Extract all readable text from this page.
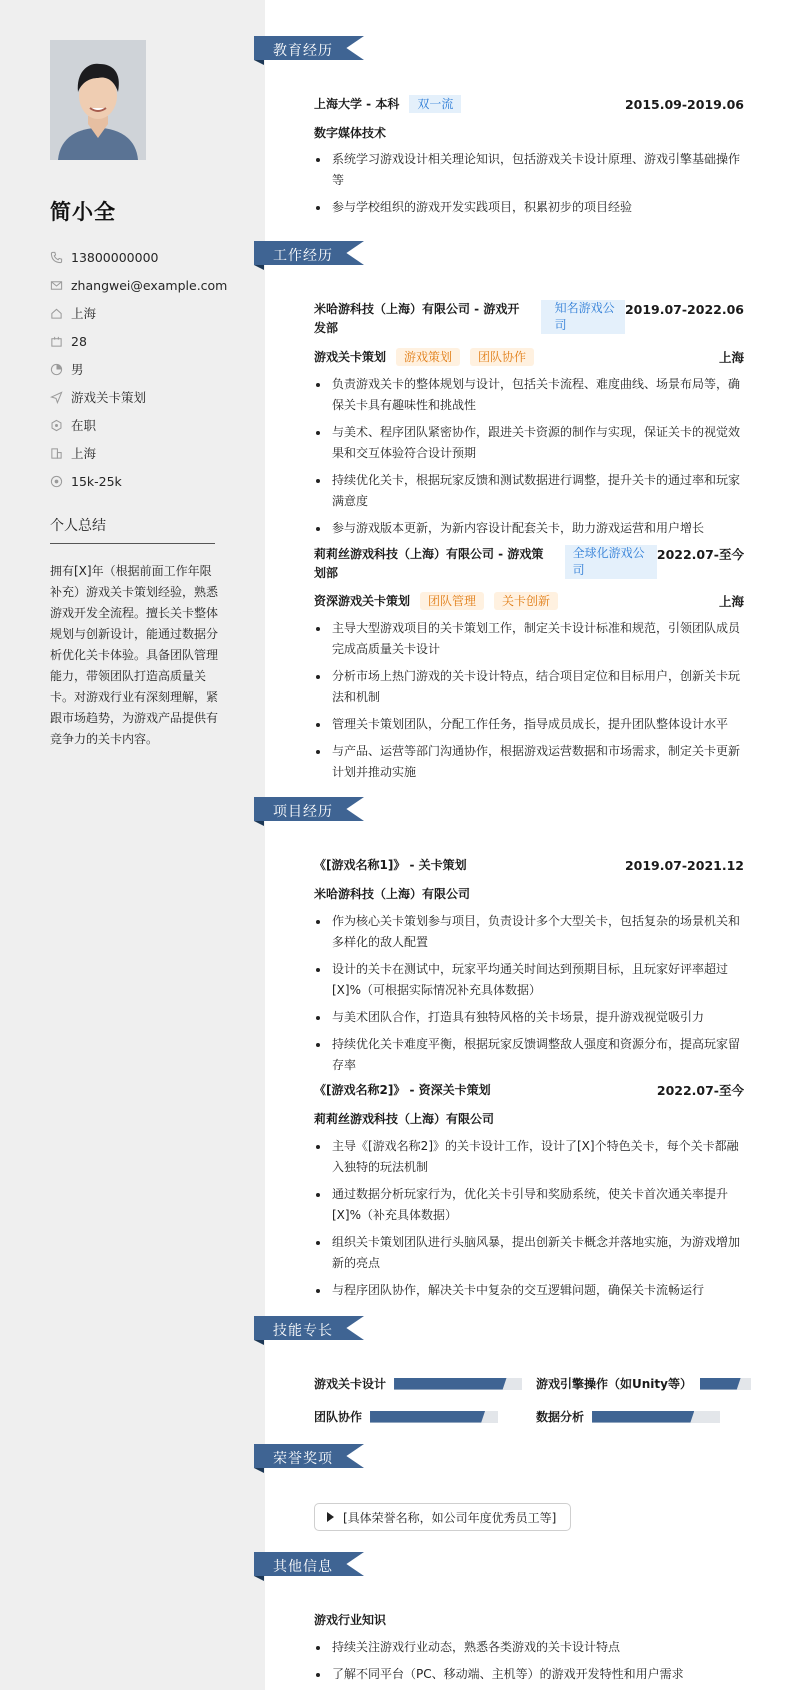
简小全
13800000000
zhangwei@example.com
上海
28
男
游戏关卡策划
在职
上海
15k-25k
个人总结
拥有[X]年（根据前面工作年限补充）游戏关卡策划经验，熟悉游戏开发全流程。擅长关卡整体规划与创新设计，能通过数据分析优化关卡体验。具备团队管理能力，带领团队打造高质量关卡。对游戏行业有深刻理解，紧跟市场趋势，为游戏产品提供有竞争力的关卡内容。
教育经历
上海大学 - 本科	双一流	2015.09-2019.06
数字媒体技术
系统学习游戏设计相关理论知识，包括游戏关卡设计原理、游戏引擎基础操作等
参与学校组织的游戏开发实践项目，积累初步的项目经验
工作经历
米哈游科技（上海）有限公司 - 游戏开发部
知名游戏公司
2019.07-2022.06
游戏关卡策划	游戏策划	团队协作	上海
负责游戏关卡的整体规划与设计，包括关卡流程、难度曲线、场景布局等，确保关卡具有趣味性和挑战性
与美术、程序团队紧密协作，跟进关卡资源的制作与实现，保证关卡的视觉效果和交互体验符合设计预期
持续优化关卡，根据玩家反馈和测试数据进行调整，提升关卡的通过率和玩家满意度
参与游戏版本更新，为新内容设计配套关卡，助力游戏运营和用户增长
莉莉丝游戏科技（上海）有限公司 - 游戏策划部
全球化游戏公司
2022.07-至今
资深游戏关卡策划	团队管理	关卡创新	上海
主导大型游戏项目的关卡策划工作，制定关卡设计标准和规范，引领团队成员完成高质量关卡设计
分析市场上热门游戏的关卡设计特点，结合项目定位和目标用户，创新关卡玩法和机制
管理关卡策划团队，分配工作任务，指导成员成长，提升团队整体设计水平
与产品、运营等部门沟通协作，根据游戏运营数据和市场需求，制定关卡更新计划并推动实施
项目经历
《[游戏名称1]》 - 关卡策划	2019.07-2021.12
米哈游科技（上海）有限公司
作为核心关卡策划参与项目，负责设计多个大型关卡，包括复杂的场景机关和多样化的敌人配置
设计的关卡在测试中，玩家平均通关时间达到预期目标，且玩家好评率超过[X]%（可根据实际情况补充具体数据）
与美术团队合作，打造具有独特风格的关卡场景，提升游戏视觉吸引力
持续优化关卡难度平衡，根据玩家反馈调整敌人强度和资源分布，提高玩家留存率
《[游戏名称2]》 - 资深关卡策划	2022.07-至今
莉莉丝游戏科技（上海）有限公司
主导《[游戏名称2]》的关卡设计工作，设计了[X]个特色关卡，每个关卡都融入独特的玩法机制
通过数据分析玩家行为，优化关卡引导和奖励系统，使关卡首次通关率提升[X]%（补充具体数据）
组织关卡策划团队进行头脑风暴，提出创新关卡概念并落地实施，为游戏增加新的亮点
与程序团队协作，解决关卡中复杂的交互逻辑问题，确保关卡流畅运行
技能专长
游戏关卡设计	游戏引擎操作（如Unity等）
团队协作	数据分析
荣誉奖项
[具体荣誉名称，如公司年度优秀员工等]
其他信息
游戏行业知识
持续关注游戏行业动态，熟悉各类游戏的关卡设计特点
了解不同平台（PC、移动端、主机等）的游戏开发特性和用户需求
